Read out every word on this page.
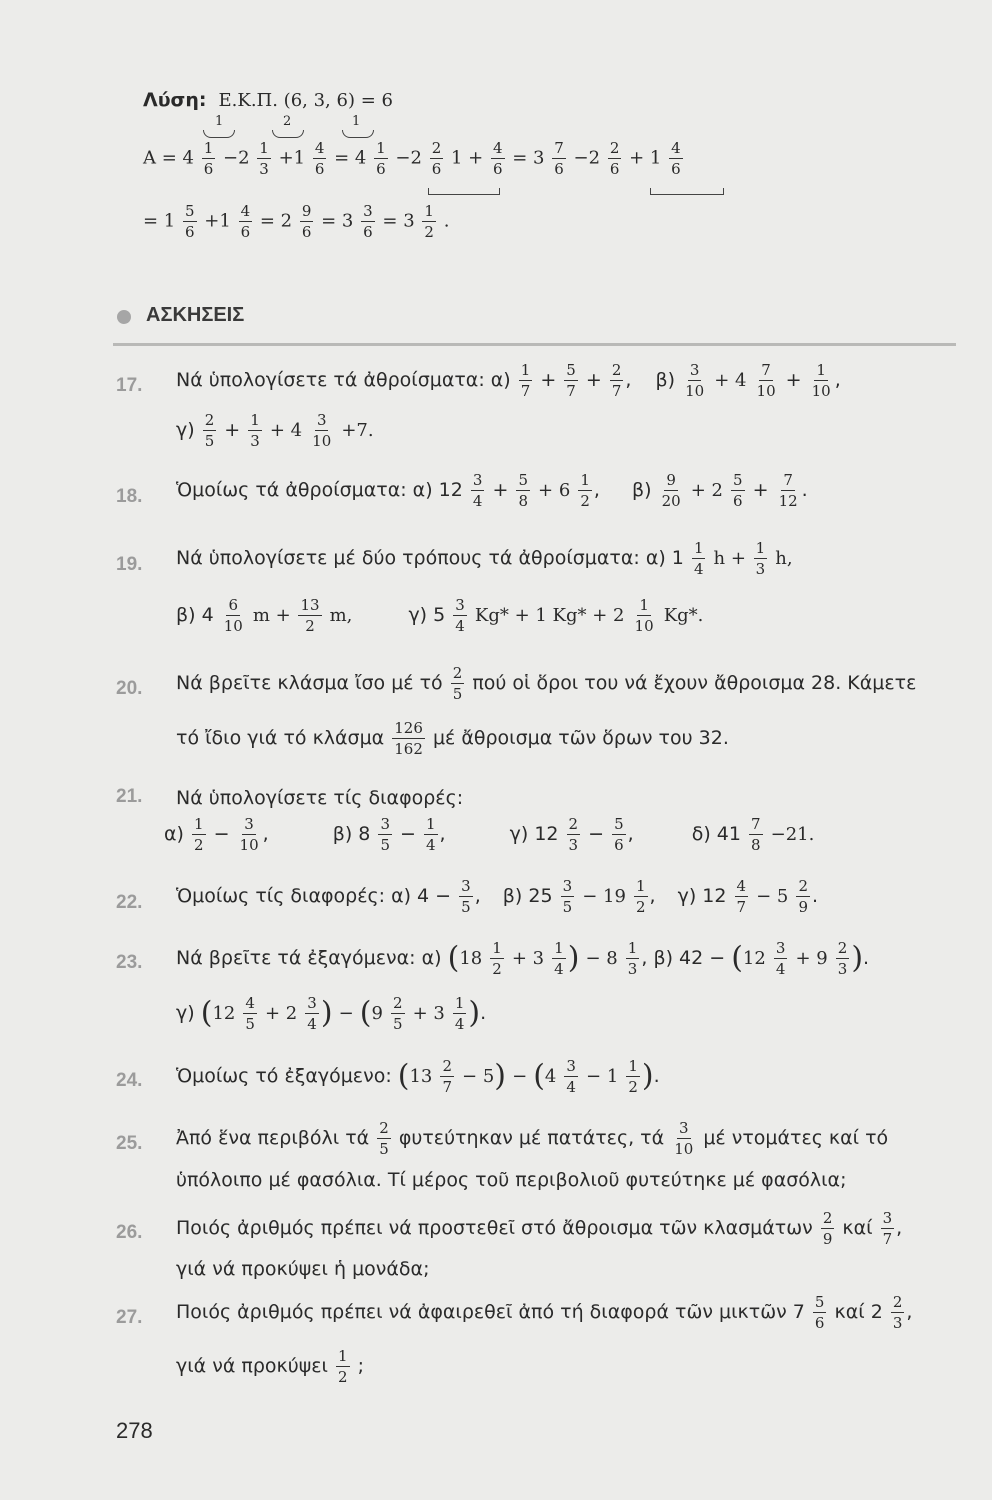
Λύση: Ε.Κ.Π. (6, 3, 6) = 6
1	2	1
$A = 4 \frac{1}{6} -2 \frac{1}{3} +1 \frac{4}{6} = 4 \frac{1}{6} -2 \frac{2}{6} 1 + \frac{4}{6} = 3 \frac{7}{6} -2 \frac{2}{6} + 1 \frac{4}{6}$
= $1 \frac{5}{6} +1 \frac{4}{6} = 2 \frac{9}{6} = 3 \frac{3}{6} = 3 \frac{1}{2}$ .
ΑΣΚΗΣΕΙΣ
17. Νά ὑπολογίσετε τά ἀθροίσματα: $\alpha) \frac{1}{7} + \frac{5}{7} + \frac{2}{7}$ , $\beta) \frac{3}{10} + 4 \frac{7}{10} + \frac{1}{10}$ ,
$\gamma) \frac{2}{5} + \frac{1}{3} + 4 \frac{3}{10} +7$.
18. Ὁμοίως τά ἀθροίσματα: α) $12 \frac{3}{4} + \frac{5}{8} + 6 \frac{1}{2}$ , $\beta) \frac{9}{20} + 2 \frac{5}{6} + \frac{7}{12}$ .
19. Νά ὑπολογίσετε μέ δύο τρόπους τά ἀθροίσματα: α) $1 \frac{1}{4}$ $h + \frac{1}{3} h$,
β) $4 \frac{6}{10}$ $m + \frac{13}{2} m$,	γ) $5 \frac{3}{4} Kg* + 1$ $Kg* + 2 \frac{1}{10} Kg*$.
20. Νά βρεῖτε κλάσμα ἴσο μέ τό $\frac{2}{5}$ πού οἱ ὅροι του νά ἔχουν ἄθροισμα 28. Κάμετε
τό ἴδιο γιά τό κλάσμα $\frac{126}{162}$ μέ ἄθροισμα τῶν ὅρων του 32.
21. Νά ὑπολογίσετε τίς διαφορές:
$\alpha) \frac{1}{2} - \frac{3}{10}$ ,	β) $8 \frac{3}{5} - \frac{1}{4}$ ,	γ) $12 \frac{2}{3} - \frac{5}{6}$ ,	δ) $41 \frac{7}{8} -21$.
22. Ὁμοίως τίς διαφορές: α) $4 - \frac{3}{5}$ , β) $25 \frac{3}{5} - 19 \frac{1}{2}$ , γ) $12 \frac{4}{7} - 5 \frac{2}{9}$ .
23. Νά βρεῖτε τά ἐξαγόμενα: α) ($18 \frac{1}{2} + 3 \frac{1}{4}$ ) − $8 \frac{1}{3}$ , β) $42 - (12 \frac{3}{4} + 9 \frac{2}{3}$ ).
γ) ($12 \frac{4}{5} + 2 \frac{3}{4}$ ) − ($9 \frac{2}{5} + 3 \frac{1}{4}$ ).
24. Ὁμοίως τό ἐξαγόμενο: $(13 \frac{2}{7} - 5) - (4 \frac{3}{4} - 1 \frac{1}{2}$ ).
25. Ἀπό ἕνα περιβόλι τά $\frac{2}{5}$ φυτεύτηκαν μέ πατάτες, τά $\frac{3}{10}$ μέ ντομάτες καί τό
ὑπόλοιπο μέ φασόλια. Τί μέρος τοῦ περιβολιοῦ φυτεύτηκε μέ φασόλια;
26. Ποιός ἀριθμός πρέπει νά προστεθεῖ στό ἄθροισμα τῶν κλασμάτων $\frac{2}{9}$ καί $\frac{3}{7}$ ,
γιά νά προκύψει ἡ μονάδα;
27. Ποιός ἀριθμός πρέπει νά ἀφαιρεθεῖ ἀπό τή διαφορά τῶν μικτῶν $7 \frac{5}{6}$ καί $2 \frac{2}{3}$ ,
γιά νά προκύψει $\frac{1}{2}$ ;
278
